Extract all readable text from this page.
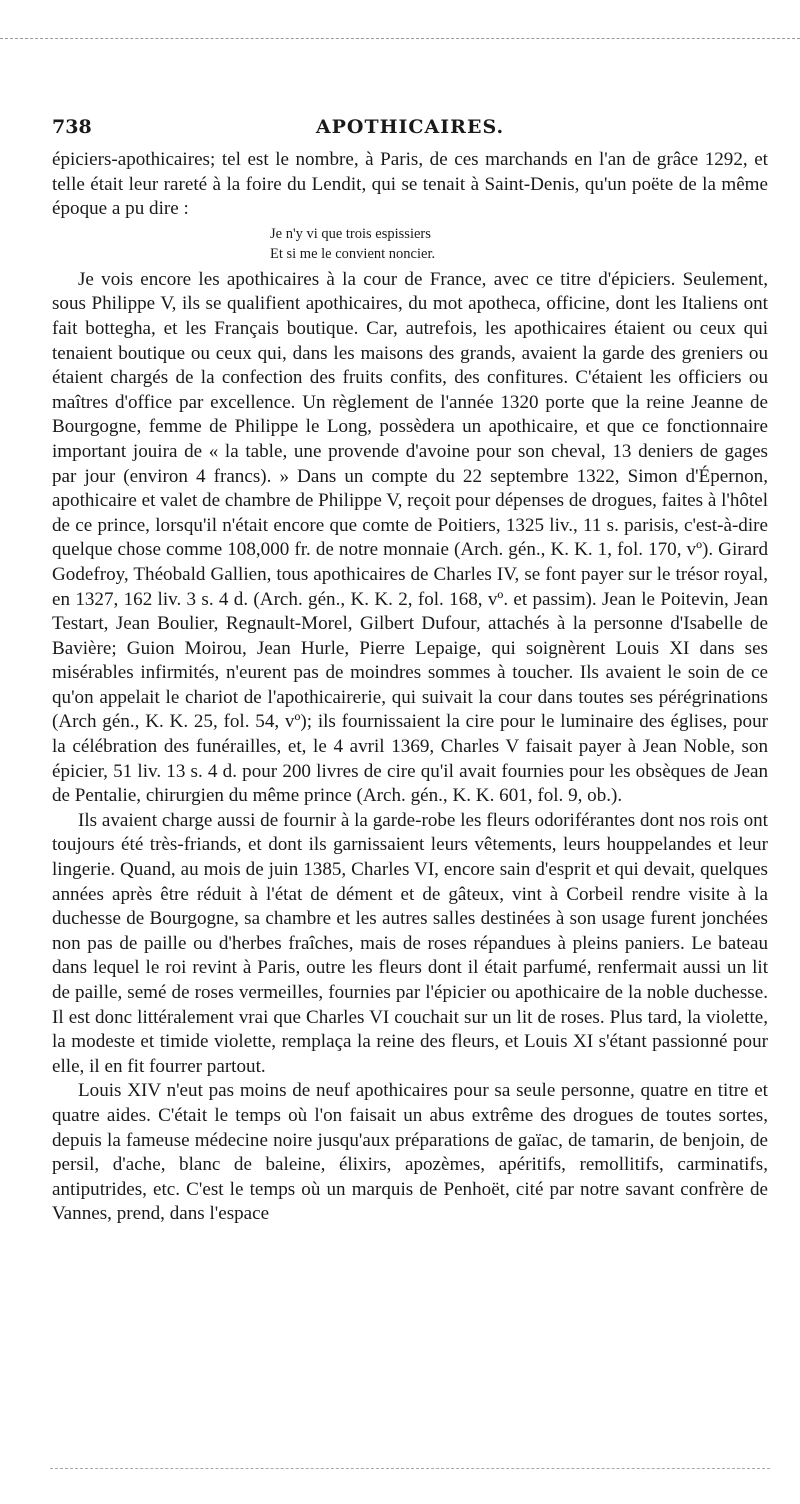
738	APOTHICAIRES.

épiciers-apothicaires; tel est le nombre, à Paris, de ces marchands en l'an de grâce 1292, et telle était leur rareté à la foire du Lendit, qui se tenait à Saint-Denis, qu'un poëte de la même époque a pu dire :

Je n'y vi que trois espissiers
Et si me le convient noncier.

Je vois encore les apothicaires à la cour de France, avec ce titre d'épiciers. Seulement, sous Philippe V, ils se qualifient apothicaires, du mot apotheca, officine, dont les Italiens ont fait bottegha, et les Français boutique. Car, autrefois, les apothicaires étaient ou ceux qui tenaient boutique ou ceux qui, dans les maisons des grands, avaient la garde des greniers ou étaient chargés de la confection des fruits confits, des confitures. C'étaient les officiers ou maîtres d'office par excellence. Un règlement de l'année 1320 porte que la reine Jeanne de Bourgogne, femme de Philippe le Long, possèdera un apothicaire, et que ce fonctionnaire important jouira de « la table, une provende d'avoine pour son cheval, 13 deniers de gages par jour (environ 4 francs). » Dans un compte du 22 septembre 1322, Simon d'Épernon, apothicaire et valet de chambre de Philippe V, reçoit pour dépenses de drogues, faites à l'hôtel de ce prince, lorsqu'il n'était encore que comte de Poitiers, 1325 liv., 11 s. parisis, c'est-à-dire quelque chose comme 108,000 fr. de notre monnaie (Arch. gén., K. K. 1, fol. 170, vº). Girard Godefroy, Théobald Gallien, tous apothicaires de Charles IV, se font payer sur le trésor royal, en 1327, 162 liv. 3 s. 4 d. (Arch. gén., K. K. 2, fol. 168, vº. et passim). Jean le Poitevin, Jean Testart, Jean Boulier, Regnault-Morel, Gilbert Dufour, attachés à la personne d'Isabelle de Bavière; Guion Moirou, Jean Hurle, Pierre Lepaige, qui soignèrent Louis XI dans ses misérables infirmités, n'eurent pas de moindres sommes à toucher. Ils avaient le soin de ce qu'on appelait le chariot de l'apothicairerie, qui suivait la cour dans toutes ses pérégrinations (Arch gén., K. K. 25, fol. 54, vº); ils fournissaient la cire pour le luminaire des églises, pour la célébration des funérailles, et, le 4 avril 1369, Charles V faisait payer à Jean Noble, son épicier, 51 liv. 13 s. 4 d. pour 200 livres de cire qu'il avait fournies pour les obsèques de Jean de Pentalie, chirurgien du même prince (Arch. gén., K. K. 601, fol. 9, ob.).

Ils avaient charge aussi de fournir à la garde-robe les fleurs odoriférantes dont nos rois ont toujours été très-friands, et dont ils garnissaient leurs vêtements, leurs houppelandes et leur lingerie. Quand, au mois de juin 1385, Charles VI, encore sain d'esprit et qui devait, quelques années après être réduit à l'état de dément et de gâteux, vint à Corbeil rendre visite à la duchesse de Bourgogne, sa chambre et les autres salles destinées à son usage furent jonchées non pas de paille ou d'herbes fraîches, mais de roses répandues à pleins paniers. Le bateau dans lequel le roi revint à Paris, outre les fleurs dont il était parfumé, renfermait aussi un lit de paille, semé de roses vermeilles, fournies par l'épicier ou apothicaire de la noble duchesse. Il est donc littéralement vrai que Charles VI couchait sur un lit de roses. Plus tard, la violette, la modeste et timide violette, remplaça la reine des fleurs, et Louis XI s'étant passionné pour elle, il en fit fourrer partout.

Louis XIV n'eut pas moins de neuf apothicaires pour sa seule personne, quatre en titre et quatre aides. C'était le temps où l'on faisait un abus extrême des drogues de toutes sortes, depuis la fameuse médecine noire jusqu'aux préparations de gaïac, de tamarin, de benjoin, de persil, d'ache, blanc de baleine, élixirs, apozèmes, apéritifs, remollitifs, carminatifs, antiputrides, etc. C'est le temps où un marquis de Penhoët, cité par notre savant confrère de Vannes, prend, dans l'espace
